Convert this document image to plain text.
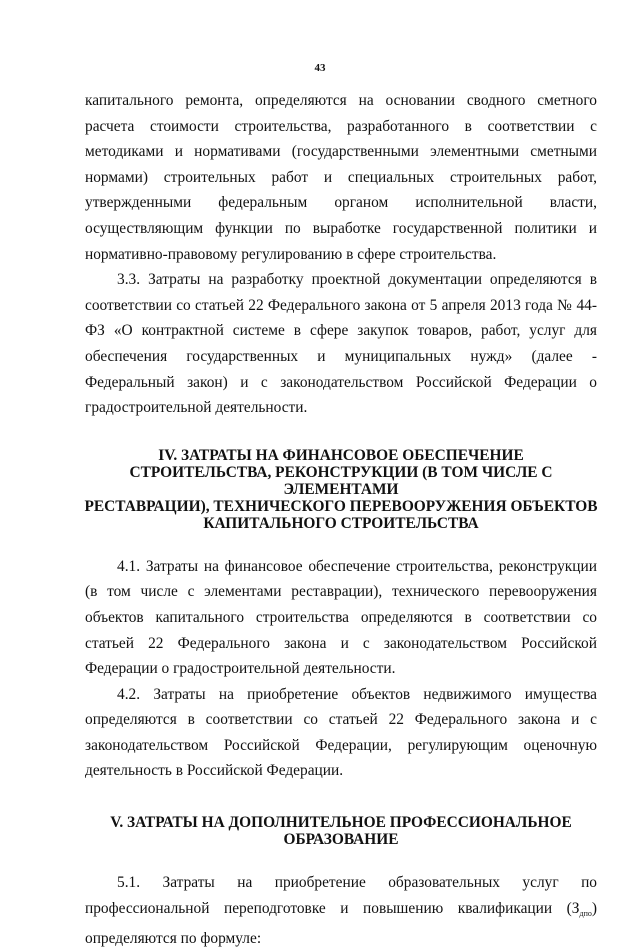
43

капитального ремонта, определяются на основании сводного сметного расчета стоимости строительства, разработанного в соответствии с методиками и нормативами (государственными элементными сметными нормами) строительных работ и специальных строительных работ, утвержденными федеральным органом исполнительной власти, осуществляющим функции по выработке государственной политики и нормативно-правовому регулированию в сфере строительства.

3.3. Затраты на разработку проектной документации определяются в соответствии со статьей 22 Федерального закона от 5 апреля 2013 года № 44-ФЗ «О контрактной системе в сфере закупок товаров, работ, услуг для обеспечения государственных и муниципальных нужд» (далее - Федеральный закон) и с законодательством Российской Федерации о градостроительной деятельности.

IV. ЗАТРАТЫ НА ФИНАНСОВОЕ ОБЕСПЕЧЕНИЕ
СТРОИТЕЛЬСТВА, РЕКОНСТРУКЦИИ (В ТОМ ЧИСЛЕ С
ЭЛЕМЕНТАМИ
РЕСТАВРАЦИИ), ТЕХНИЧЕСКОГО ПЕРЕВООРУЖЕНИЯ ОБЪЕКТОВ
КАПИТАЛЬНОГО СТРОИТЕЛЬСТВА

4.1. Затраты на финансовое обеспечение строительства, реконструкции (в том числе с элементами реставрации), технического перевооружения объектов капитального строительства определяются в соответствии со статьей 22 Федерального закона и с законодательством Российской Федерации о градостроительной деятельности.

4.2. Затраты на приобретение объектов недвижимого имущества определяются в соответствии со статьей 22 Федерального закона и с законодательством Российской Федерации, регулирующим оценочную деятельность в Российской Федерации.

V. ЗАТРАТЫ НА ДОПОЛНИТЕЛЬНОЕ ПРОФЕССИОНАЛЬНОЕ
ОБРАЗОВАНИЕ

5.1. Затраты на приобретение образовательных услуг по профессиональной переподготовке и повышению квалификации $(З_{дпо})$ определяются по формуле:
